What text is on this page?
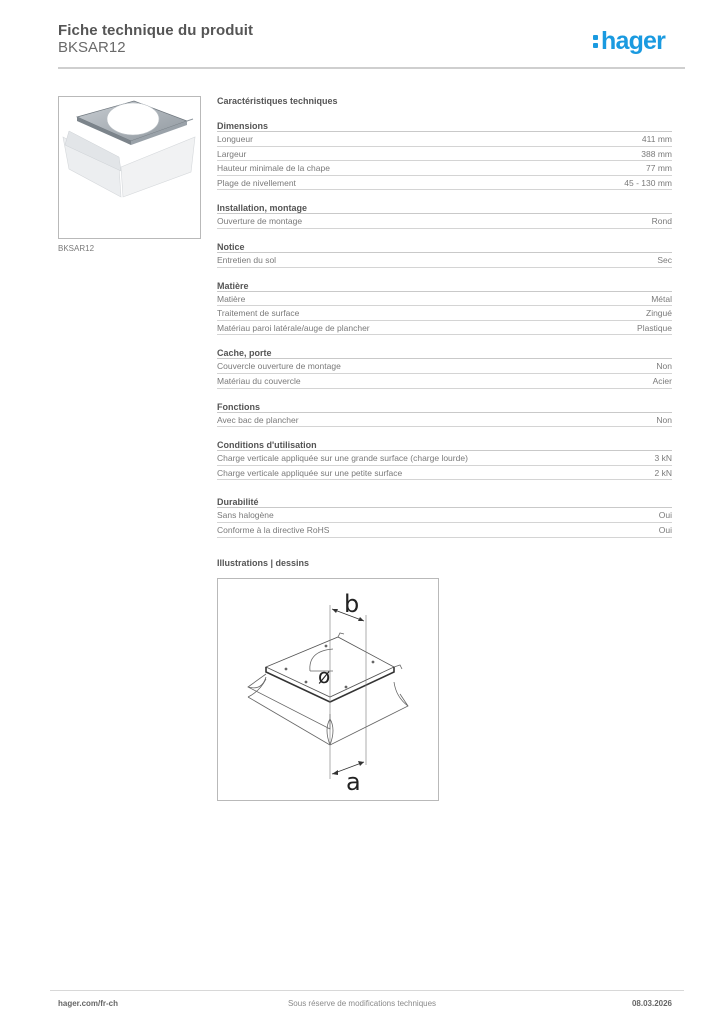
Fiche technique du produit
BKSAR12	hager
BKSAR12
Caractéristiques techniques
Dimensions
Longueur	411 mm
Largeur	388 mm
Hauteur minimale de la chape	77 mm
Plage de nivellement	45 - 130 mm
Installation, montage
Ouverture de montage	Rond
Notice
Entretien du sol	Sec
Matière
Matière	Métal
Traitement de surface	Zingué
Matériau paroi latérale/auge de plancher	Plastique
Cache, porte
Couvercle ouverture de montage	Non
Matériau du couvercle	Acier
Fonctions
Avec bac de plancher	Non
Conditions d'utilisation
Charge verticale appliquée sur une grande surface (charge lourde)	3 kN
Charge verticale appliquée sur une petite surface	2 kN
Durabilité
Sans halogène	Oui
Conforme à la directive RoHS	Oui
Illustrations | dessins
ø
b
a
hager.com/fr-ch	Sous réserve de modifications techniques	08.03.2026
